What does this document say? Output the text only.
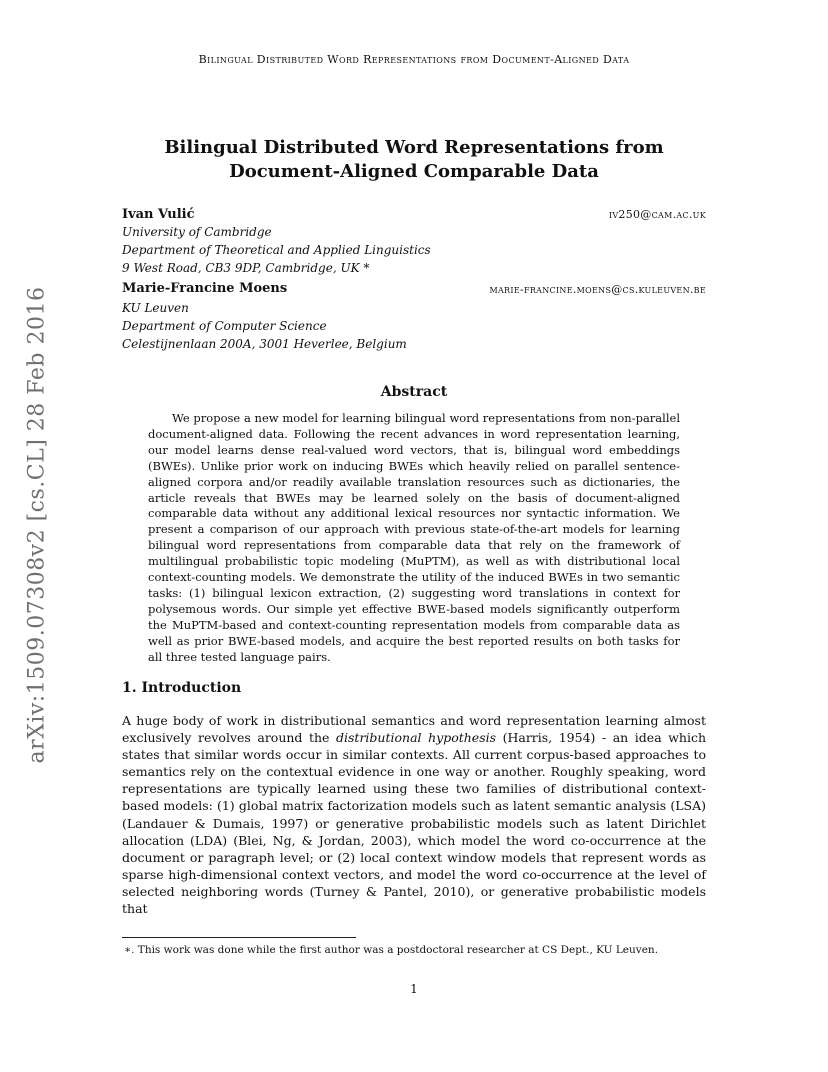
arXiv:1509.07308v2 [cs.CL] 28 Feb 2016
Bilingual Distributed Word Representations from Document-Aligned Data
Bilingual Distributed Word Representations from
Document-Aligned Comparable Data
Ivan Vulić	iv250@cam.ac.uk
University of Cambridge
Department of Theoretical and Applied Linguistics
9 West Road, CB3 9DP, Cambridge, UK *
Marie-Francine Moens	marie-francine.moens@cs.kuleuven.be
KU Leuven
Department of Computer Science
Celestijnenlaan 200A, 3001 Heverlee, Belgium
Abstract
We propose a new model for learning bilingual word representations from non-parallel document-aligned data. Following the recent advances in word representation learning, our model learns dense real-valued word vectors, that is, bilingual word embeddings (BWEs). Unlike prior work on inducing BWEs which heavily relied on parallel sentence-aligned corpora and/or readily available translation resources such as dictionaries, the article reveals that BWEs may be learned solely on the basis of document-aligned comparable data without any additional lexical resources nor syntactic information. We present a comparison of our approach with previous state-of-the-art models for learning bilingual word representations from comparable data that rely on the framework of multilingual probabilistic topic modeling (MuPTM), as well as with distributional local context-counting models. We demonstrate the utility of the induced BWEs in two semantic tasks: (1) bilingual lexicon extraction, (2) suggesting word translations in context for polysemous words. Our simple yet effective BWE-based models significantly outperform the MuPTM-based and context-counting representation models from comparable data as well as prior BWE-based models, and acquire the best reported results on both tasks for all three tested language pairs.
1. Introduction
A huge body of work in distributional semantics and word representation learning almost exclusively revolves around the distributional hypothesis (Harris, 1954) - an idea which states that similar words occur in similar contexts. All current corpus-based approaches to semantics rely on the contextual evidence in one way or another. Roughly speaking, word representations are typically learned using these two families of distributional context-based models: (1) global matrix factorization models such as latent semantic analysis (LSA) (Landauer & Dumais, 1997) or generative probabilistic models such as latent Dirichlet allocation (LDA) (Blei, Ng, & Jordan, 2003), which model the word co-occurrence at the document or paragraph level; or (2) local context window models that represent words as sparse high-dimensional context vectors, and model the word co-occurrence at the level of selected neighboring words (Turney & Pantel, 2010), or generative probabilistic models that
∗. This work was done while the first author was a postdoctoral researcher at CS Dept., KU Leuven.
1
